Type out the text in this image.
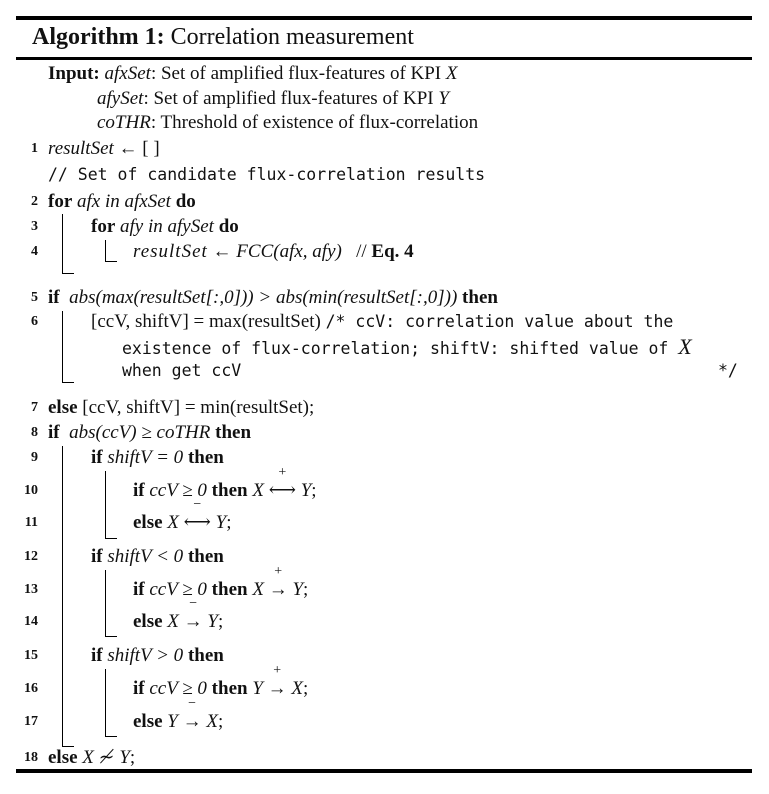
Algorithm 1: Correlation measurement
Input: afxSet: Set of amplified flux-features of KPI X
afySet: Set of amplified flux-features of KPI Y
coTHR: Threshold of existence of flux-correlation
1 resultSet ← [ ]
// Set of candidate flux-correlation results
2 for afx in afxSet do
3	for afy in afySet do
4	resultSet ← FCC(afx, afy) // Eq. 4
5 if abs(max(resultSet[:,0])) > abs(min(resultSet[:,0])) then
6	[ccV, shiftV] = max(resultSet) /* ccV: correlation value about the
existence of flux-correlation; shiftV: shifted value of X
when get ccV	*/
7 else [ccV, shiftV] = min(resultSet);
8 if abs(ccV) ≥ coTHR then
9	if shiftV = 0 then
10	if ccV ≥ 0 then X
+
⟷ Y;
11	else X
−
⟷ Y;
12	if shiftV < 0 then
13	if ccV ≥ 0 then X
+
→ Y;
14	else X
−
→ Y;
15	if shiftV > 0 then
16	if ccV ≥ 0 then Y
+
→ X;
17	else Y
−
→ X;
18 else X ≁ Y;
